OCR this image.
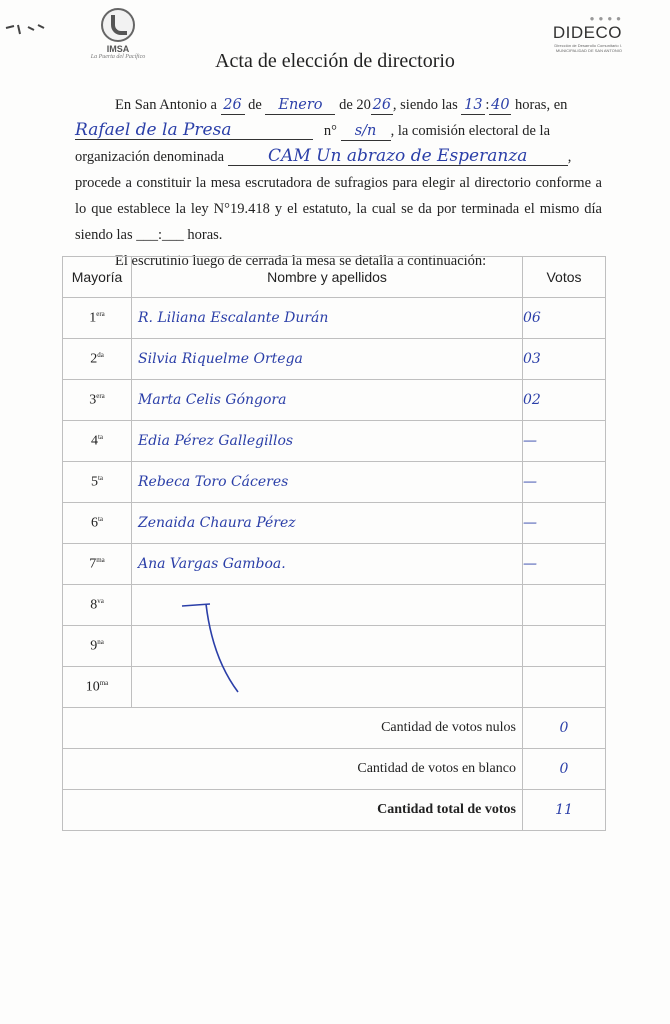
IMSA
La Puerta del Pacífico
● ● ● ●
DIDECO
Dirección de Desarrollo Comunitario I. MUNICIPALIDAD DE SAN ANTONIO
Acta de elección de directorio
En San Antonio a 26 de Enero de 20 26 , siendo las 13 : 40 horas, en
Rafael de la Presa	n° s/n , la comisión electoral de la
organización denominada	CAM Un abrazo de Esperanza	,
procede a constituir la mesa escrutadora de sufragios para elegir al directorio conforme a lo que establece la ley N°19.418 y el estatuto, la cual se da por terminada el mismo día siendo las ___:___ horas.
El escrutinio luego de cerrada la mesa se detalla a continuación:
Mayoría	Nombre y apellidos	Votos
$1^{era}$	R. Liliana Escalante Durán	06
$2^{da}$	Silvia Riquelme Ortega	03
$3^{era}$	Marta Celis Góngora	02
$4^{ta}$	Edia Pérez Gallegillos	—
$5^{ta}$	Rebeca Toro Cáceres	—
$6^{ta}$	Zenaida Chaura Pérez	—
$7^{ma}$	Ana Vargas Gamboa.	—
$8^{va}$		
$9^{na}$		
$10^{ma}$		
Cantidad de votos nulos		0
Cantidad de votos en blanco		0
Cantidad total de votos		11
